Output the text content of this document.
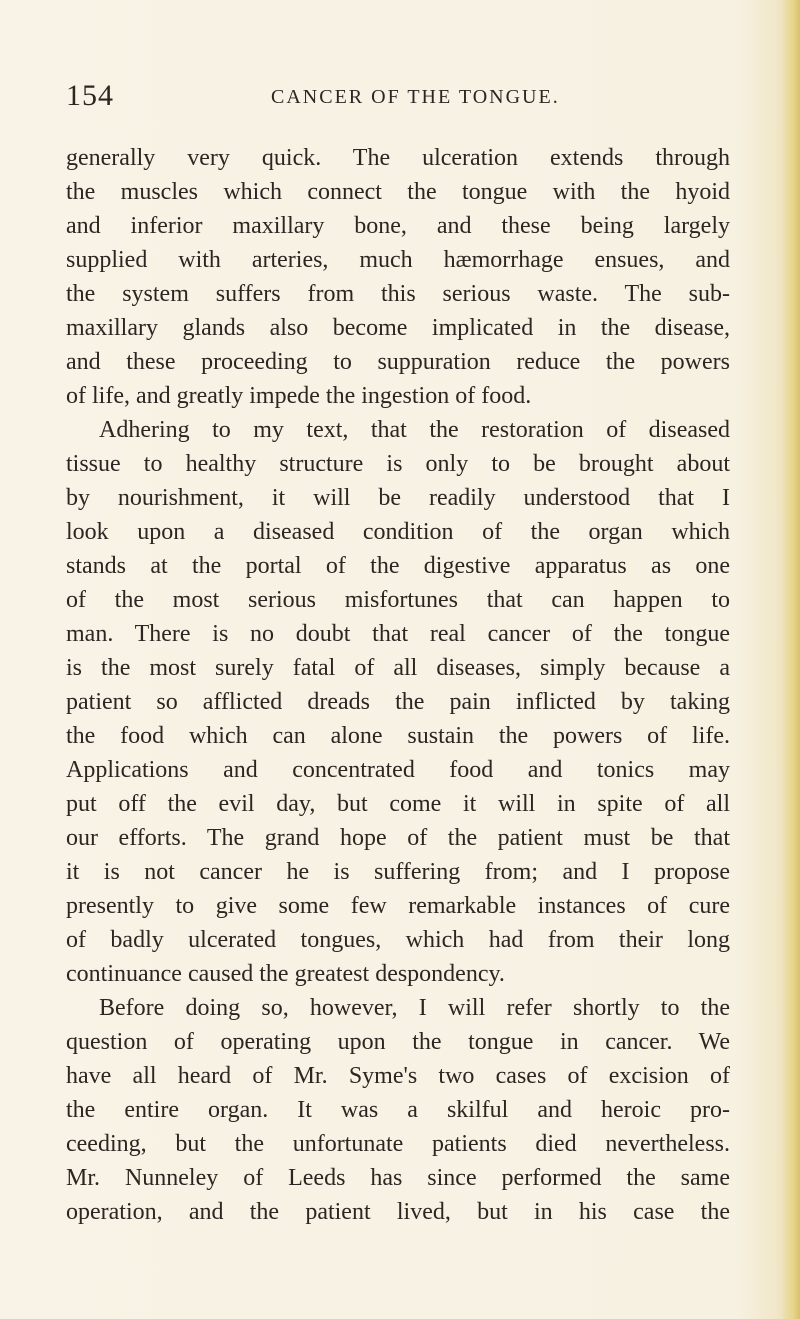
154	CANCER OF THE TONGUE.
generally very quick. The ulceration extends through
the muscles which connect the tongue with the hyoid
and inferior maxillary bone, and these being largely
supplied with arteries, much hæmorrhage ensues, and
the system suffers from this serious waste. The sub-
maxillary glands also become implicated in the disease,
and these proceeding to suppuration reduce the powers
of life, and greatly impede the ingestion of food.
Adhering to my text, that the restoration of diseased
tissue to healthy structure is only to be brought about
by nourishment, it will be readily understood that I
look upon a diseased condition of the organ which
stands at the portal of the digestive apparatus as one
of the most serious misfortunes that can happen to
man. There is no doubt that real cancer of the tongue
is the most surely fatal of all diseases, simply because a
patient so afflicted dreads the pain inflicted by taking
the food which can alone sustain the powers of life.
Applications and concentrated food and tonics may
put off the evil day, but come it will in spite of all
our efforts. The grand hope of the patient must be that
it is not cancer he is suffering from; and I propose
presently to give some few remarkable instances of cure
of badly ulcerated tongues, which had from their long
continuance caused the greatest despondency.
Before doing so, however, I will refer shortly to the
question of operating upon the tongue in cancer. We
have all heard of Mr. Syme's two cases of excision of
the entire organ. It was a skilful and heroic pro-
ceeding, but the unfortunate patients died nevertheless.
Mr. Nunneley of Leeds has since performed the same
operation, and the patient lived, but in his case the
